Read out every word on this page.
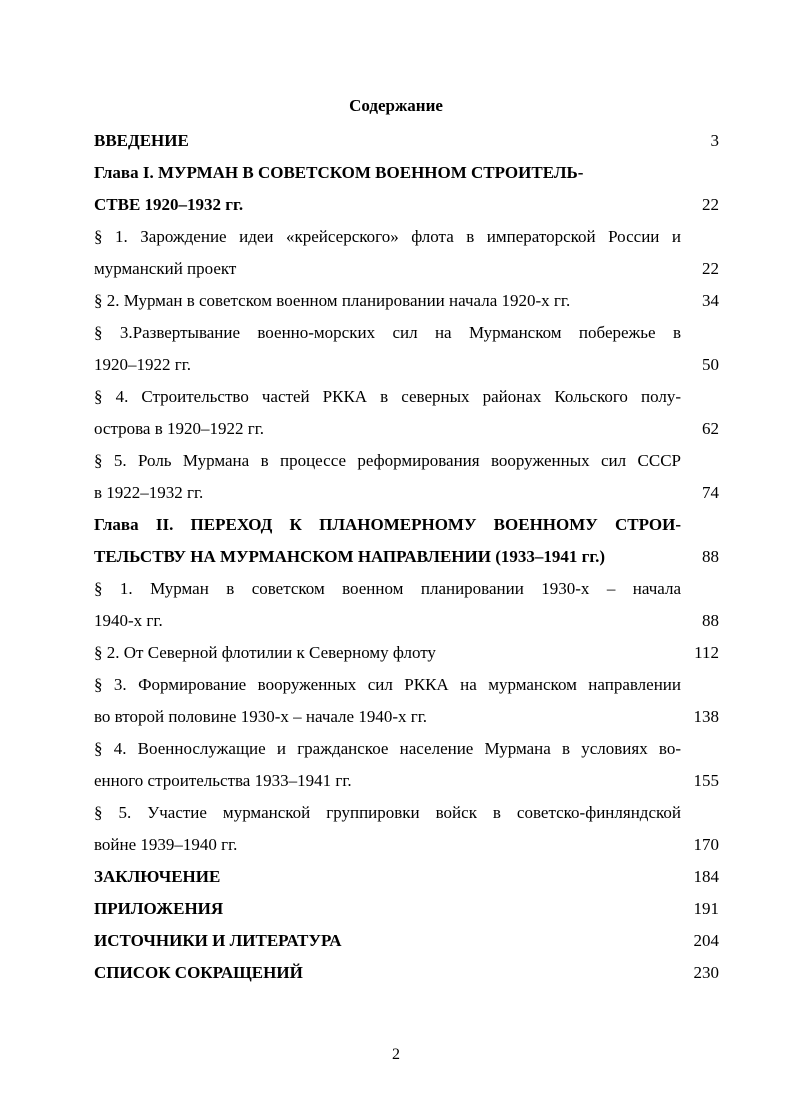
Содержание
ВВЕДЕНИЕ	3
Глава I. МУРМАН В СОВЕТСКОМ ВОЕННОМ СТРОИТЕЛЬ-
СТВЕ 1920–1932 гг.	22
§ 1. Зарождение идеи «крейсерского» флота в императорской России и
мурманский проект	22
§ 2. Мурман в советском военном планировании начала 1920-х гг.	34
§ 3.Развертывание военно-морских сил на Мурманском побережье в
1920–1922 гг.	50
§ 4. Строительство частей РККА в северных районах Кольского полу-
острова в 1920–1922 гг.	62
§ 5. Роль Мурмана в процессе реформирования вооруженных сил СССР
в 1922–1932 гг.	74
Глава II. ПЕРЕХОД К ПЛАНОМЕРНОМУ ВОЕННОМУ СТРОИ-
ТЕЛЬСТВУ НА МУРМАНСКОМ НАПРАВЛЕНИИ (1933–1941 гг.)	88
§ 1. Мурман в советском военном планировании 1930-х – начала
1940-х гг.	88
§ 2. От Северной флотилии к Северному флоту	112
§ 3. Формирование вооруженных сил РККА на мурманском направлении
во второй половине 1930-х – начале 1940-х гг.	138
§ 4. Военнослужащие и гражданское население Мурмана в условиях во-
енного строительства 1933–1941 гг.	155
§ 5. Участие мурманской группировки войск в советско-финляндской
войне 1939–1940 гг.	170
ЗАКЛЮЧЕНИЕ	184
ПРИЛОЖЕНИЯ	191
ИСТОЧНИКИ И ЛИТЕРАТУРА	204
СПИСОК СОКРАЩЕНИЙ	230
2
